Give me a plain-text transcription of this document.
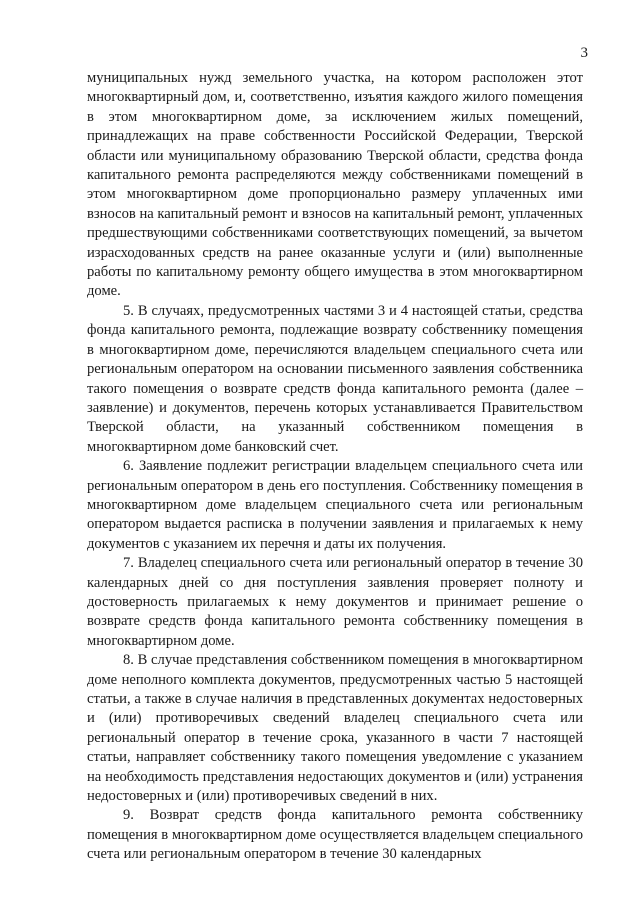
3

муниципальных нужд земельного участка, на котором расположен этот многоквартирный дом, и, соответственно, изъятия каждого жилого помещения в этом многоквартирном доме, за исключением жилых помещений, принадлежащих на праве собственности Российской Федерации, Тверской области или муниципальному образованию Тверской области, средства фонда капитального ремонта распределяются между собственниками помещений в этом многоквартирном доме пропорционально размеру уплаченных ими взносов на капитальный ремонт и взносов на капитальный ремонт, уплаченных предшествующими собственниками соответствующих помещений, за вычетом израсходованных средств на ранее оказанные услуги и (или) выполненные работы по капитальному ремонту общего имущества в этом многоквартирном доме.

5. В случаях, предусмотренных частями 3 и 4 настоящей статьи, средства фонда капитального ремонта, подлежащие возврату собственнику помещения в многоквартирном доме, перечисляются владельцем специального счета или региональным оператором на основании письменного заявления собственника такого помещения о возврате средств фонда капитального ремонта (далее – заявление) и документов, перечень которых устанавливается Правительством Тверской области, на указанный собственником помещения в многоквартирном доме банковский счет.

6. Заявление подлежит регистрации владельцем специального счета или региональным оператором в день его поступления. Собственнику помещения в многоквартирном доме владельцем специального счета или региональным оператором выдается расписка в получении заявления и прилагаемых к нему документов с указанием их перечня и даты их получения.

7. Владелец специального счета или региональный оператор в течение 30 календарных дней со дня поступления заявления проверяет полноту и достоверность прилагаемых к нему документов и принимает решение о возврате средств фонда капитального ремонта собственнику помещения в многоквартирном доме.

8. В случае представления собственником помещения в многоквартирном доме неполного комплекта документов, предусмотренных частью 5 настоящей статьи, а также в случае наличия в представленных документах недостоверных и (или) противоречивых сведений владелец специального счета или региональный оператор в течение срока, указанного в части 7 настоящей статьи, направляет собственнику такого помещения уведомление с указанием на необходимость представления недостающих документов и (или) устранения недостоверных и (или) противоречивых сведений в них.

9. Возврат средств фонда капитального ремонта собственнику помещения в многоквартирном доме осуществляется владельцем специального счета или региональным оператором в течение 30 календарных
